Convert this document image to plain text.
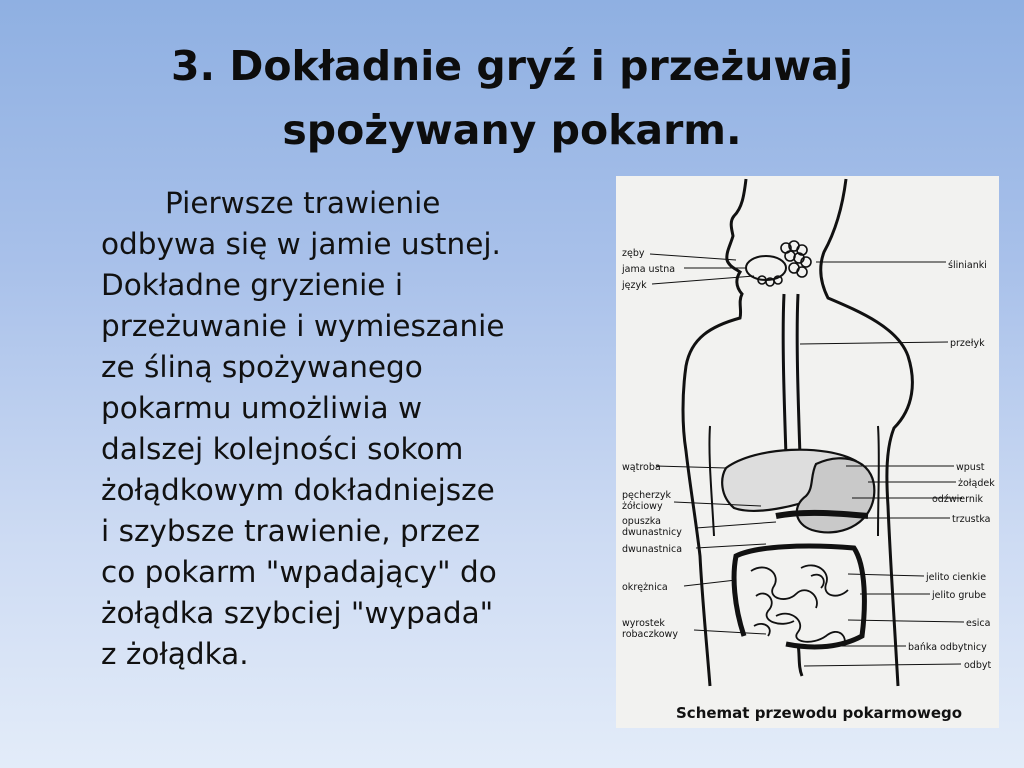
3. Dokładnie gryź i przeżuwaj
spożywany pokarm.
Pierwsze trawienie
odbywa się w jamie ustnej.
Dokładne gryzienie i
przeżuwanie i wymieszanie
ze śliną spożywanego
pokarmu umożliwia w
dalszej kolejności sokom
żołądkowym dokładniejsze
i szybsze trawienie, przez
co pokarm "wpadający" do
żołądka szybciej "wypada"
z żołądka.
zęby
jama ustna
język
wątroba
pęcherzyk
żółciowy
opuszka
dwunastnicy
dwunastnica
okrężnica
wyrostek
robaczkowy
ślinianki
przełyk
wpust
żołądek
odźwiernik
trzustka
jelito cienkie
jelito grube
esica
bańka odbytnicy
odbyt
Schemat przewodu pokarmowego
